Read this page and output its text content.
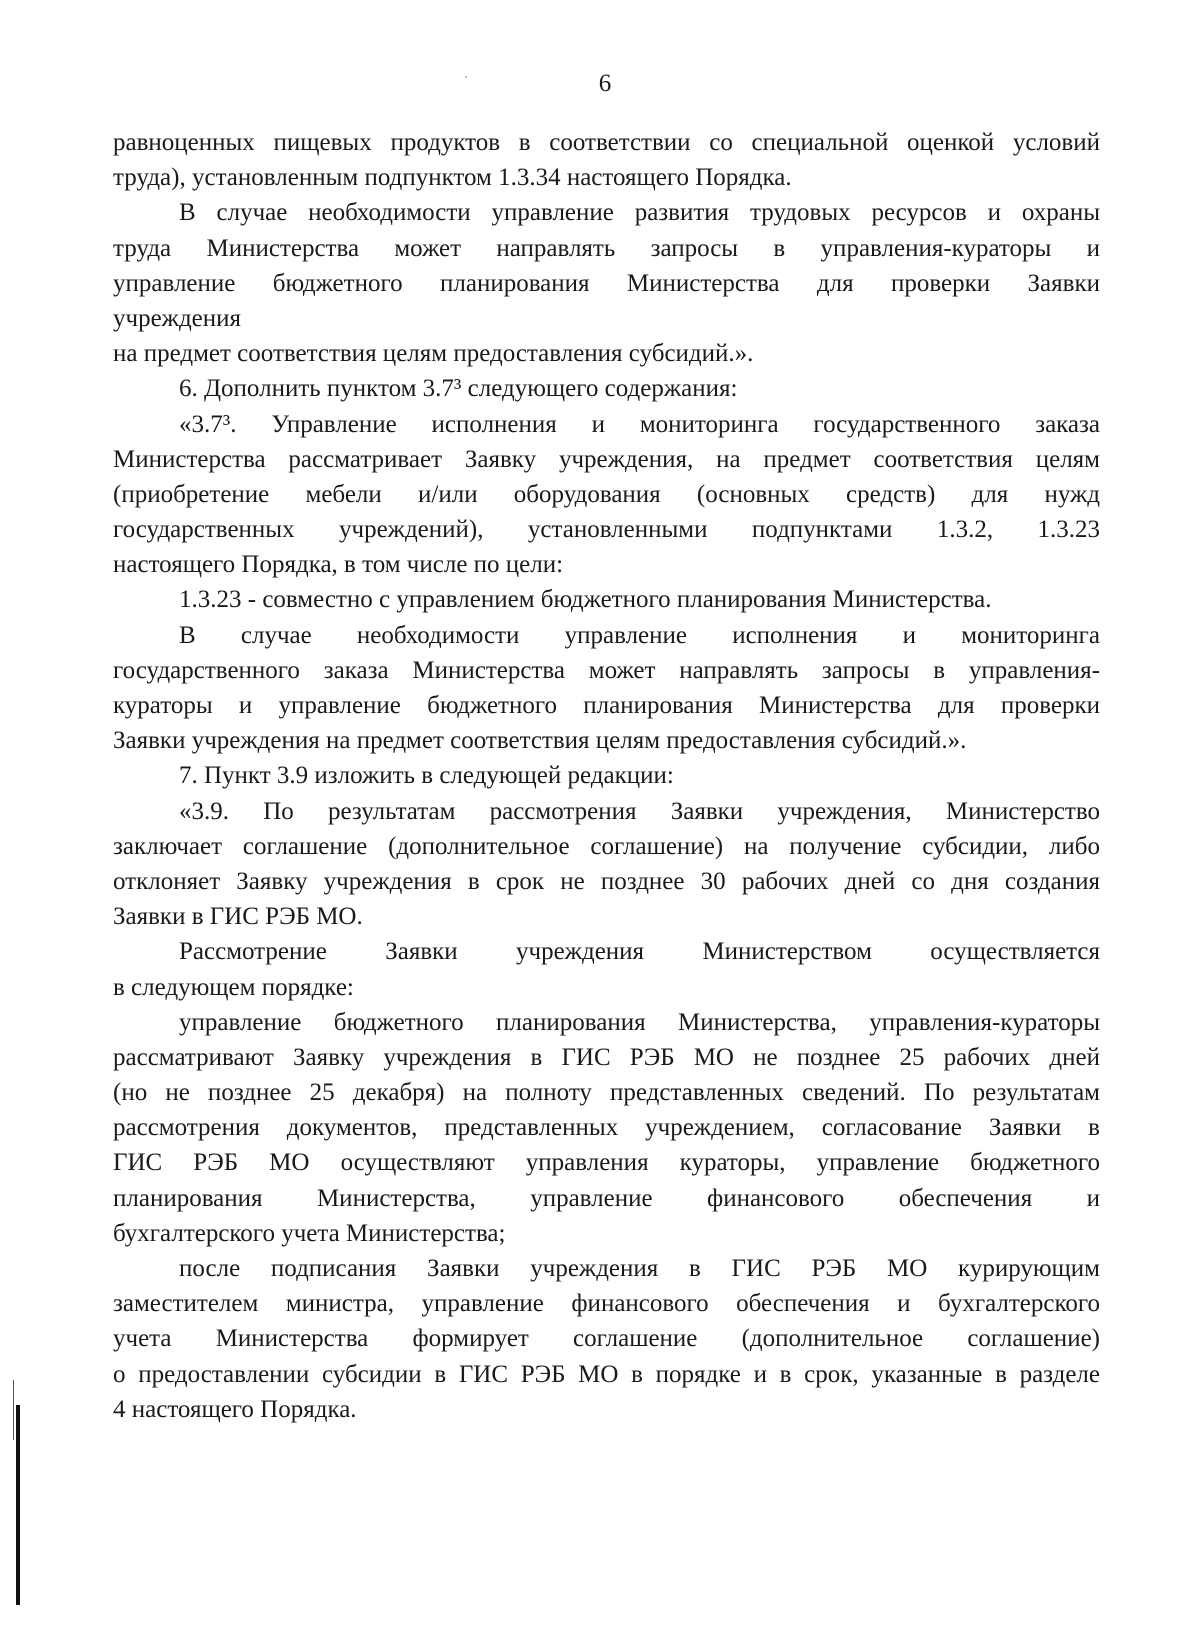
6
равноценных пищевых продуктов в соответствии со специальной оценкой условий
труда), установленным подпунктом 1.3.34 настоящего Порядка.
В случае необходимости управление развития трудовых ресурсов и охраны
труда Министерства может направлять запросы в управления-кураторы и
управление бюджетного планирования Министерства для проверки Заявки
учреждения
на предмет соответствия целям предоставления субсидий.».
6. Дополнить пунктом 3.7³ следующего содержания:
«3.7³. Управление исполнения и мониторинга государственного заказа
Министерства рассматривает Заявку учреждения, на предмет соответствия целям
(приобретение мебели и/или оборудования (основных средств) для нужд
государственных учреждений), установленными подпунктами 1.3.2, 1.3.23
настоящего Порядка, в том числе по цели:
1.3.23 - совместно с управлением бюджетного планирования Министерства.
В случае необходимости управление исполнения и мониторинга
государственного заказа Министерства может направлять запросы в управления-
кураторы и управление бюджетного планирования Министерства для проверки
Заявки учреждения на предмет соответствия целям предоставления субсидий.».
7. Пункт 3.9 изложить в следующей редакции:
«3.9. По результатам рассмотрения Заявки учреждения, Министерство
заключает соглашение (дополнительное соглашение) на получение субсидии, либо
отклоняет Заявку учреждения в срок не позднее 30 рабочих дней со дня создания
Заявки в ГИС РЭБ МО.
Рассмотрение Заявки учреждения Министерством осуществляется
в следующем порядке:
управление бюджетного планирования Министерства, управления-кураторы
рассматривают Заявку учреждения в ГИС РЭБ МО не позднее 25 рабочих дней
(но не позднее 25 декабря) на полноту представленных сведений. По результатам
рассмотрения документов, представленных учреждением, согласование Заявки в
ГИС РЭБ МО осуществляют управления кураторы, управление бюджетного
планирования Министерства, управление финансового обеспечения и
бухгалтерского учета Министерства;
после подписания Заявки учреждения в ГИС РЭБ МО курирующим
заместителем министра, управление финансового обеспечения и бухгалтерского
учета Министерства формирует соглашение (дополнительное соглашение)
о предоставлении субсидии в ГИС РЭБ МО в порядке и в срок, указанные в разделе
4 настоящего Порядка.
